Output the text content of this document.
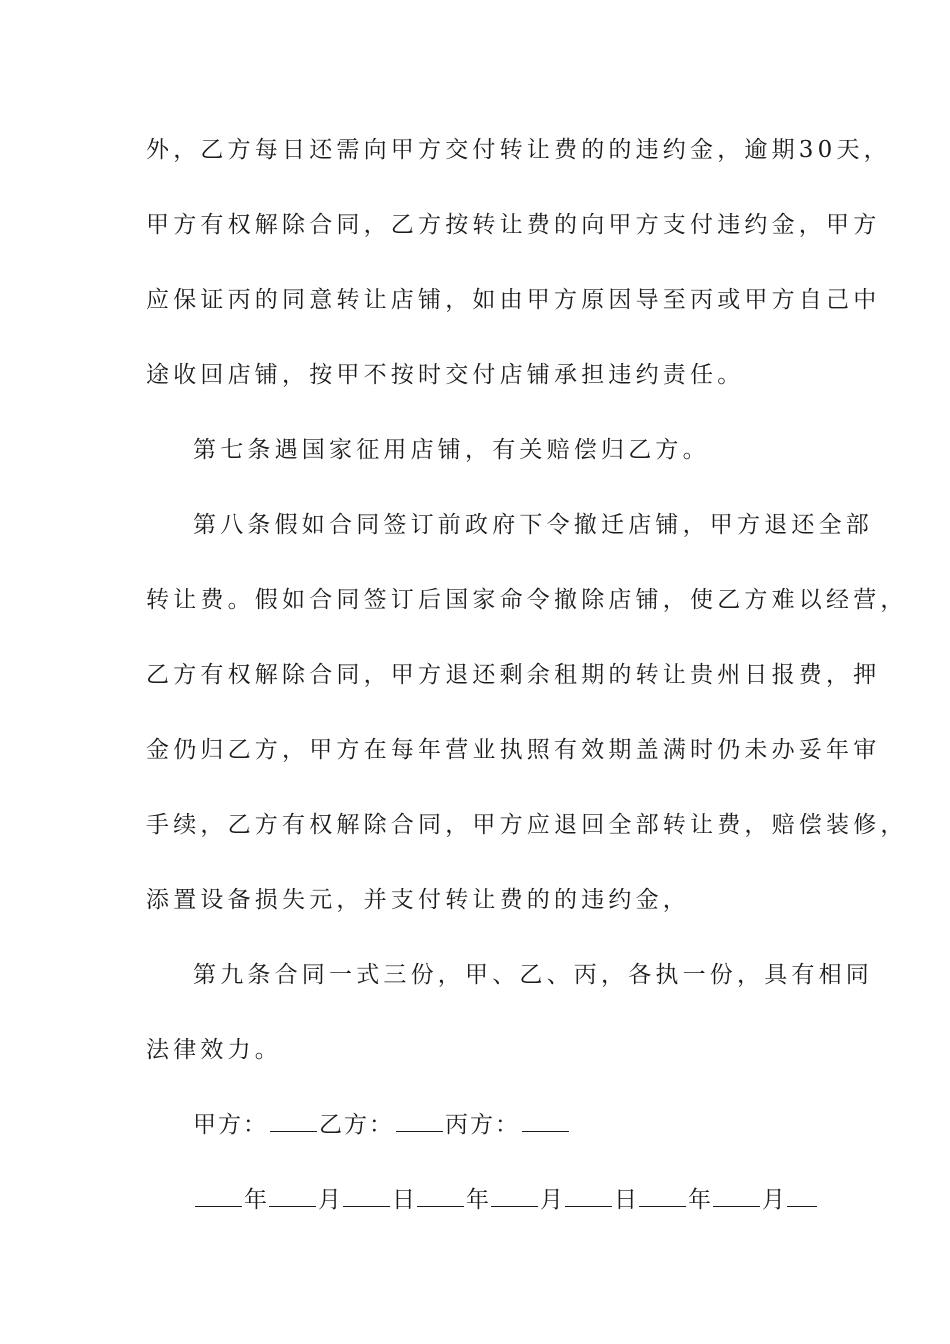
外，乙方每日还需向甲方交付转让费的的违约金，逾期30天，
甲方有权解除合同，乙方按转让费的向甲方支付违约金，甲方
应保证丙的同意转让店铺，如由甲方原因导至丙或甲方自己中
途收回店铺，按甲不按时交付店铺承担违约责任。
第七条遇国家征用店铺，有关赔偿归乙方。
第八条假如合同签订前政府下令撤迁店铺，甲方退还全部
转让费。假如合同签订后国家命令撤除店铺，使乙方难以经营，
乙方有权解除合同，甲方退还剩余租期的转让贵州日报费，押
金仍归乙方，甲方在每年营业执照有效期盖满时仍未办妥年审
手续，乙方有权解除合同，甲方应退回全部转让费，赔偿装修，
添置设备损失元，并支付转让费的的违约金，
第九条合同一式三份，甲、乙、丙，各执一份，具有相同
法律效力。
甲方： 乙方： 丙方：
年 月 日 年 月 日 年 月
